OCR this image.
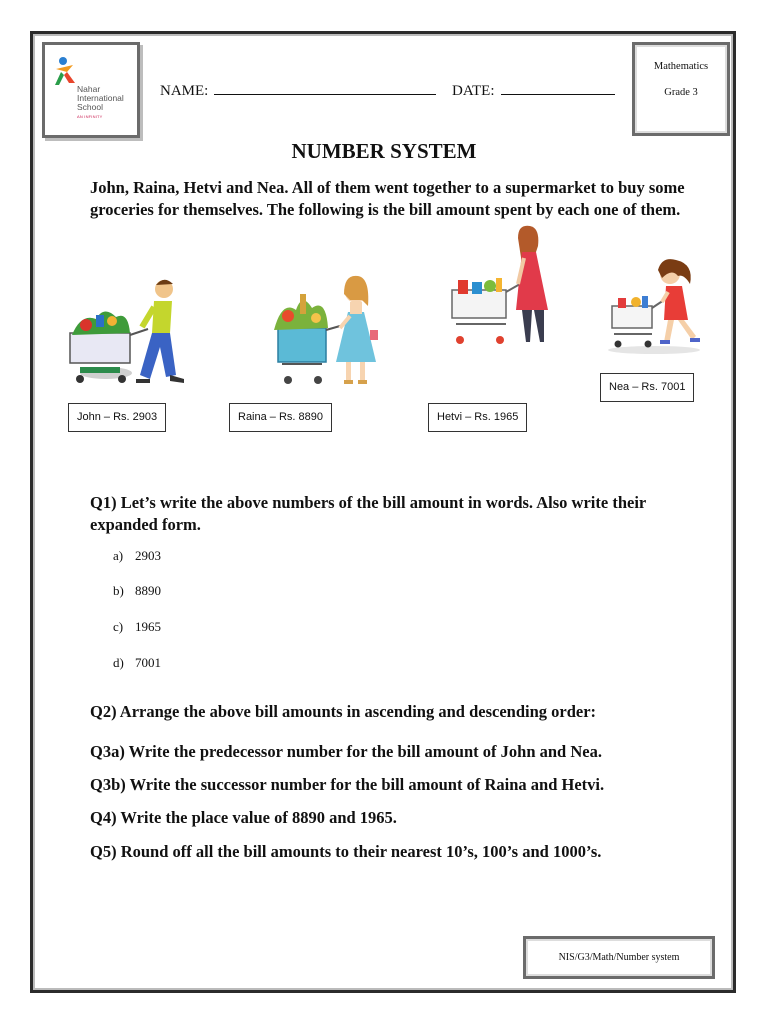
Nahar
International
School
AN INFINITY
NAME:	DATE:
Mathematics
Grade 3
NUMBER SYSTEM
John, Raina, Hetvi and Nea. All of them went together to a supermarket to buy some groceries for themselves. The following is the bill amount spent by each one of them.
John – Rs. 2903	Raina – Rs. 8890	Hetvi – Rs. 1965
Nea – Rs. 7001
Q1) Let’s write the above numbers of the bill amount in words. Also write their expanded form.
a) 2903
b) 8890
c) 1965
d) 7001
Q2) Arrange the above bill amounts in ascending and descending order:
Q3a) Write the predecessor number for the bill amount of John and Nea.
Q3b) Write the successor number for the bill amount of Raina and Hetvi.
Q4) Write the place value of 8890 and 1965.
Q5) Round off all the bill amounts to their nearest 10’s, 100’s and 1000’s.
NIS/G3/Math/Number system
